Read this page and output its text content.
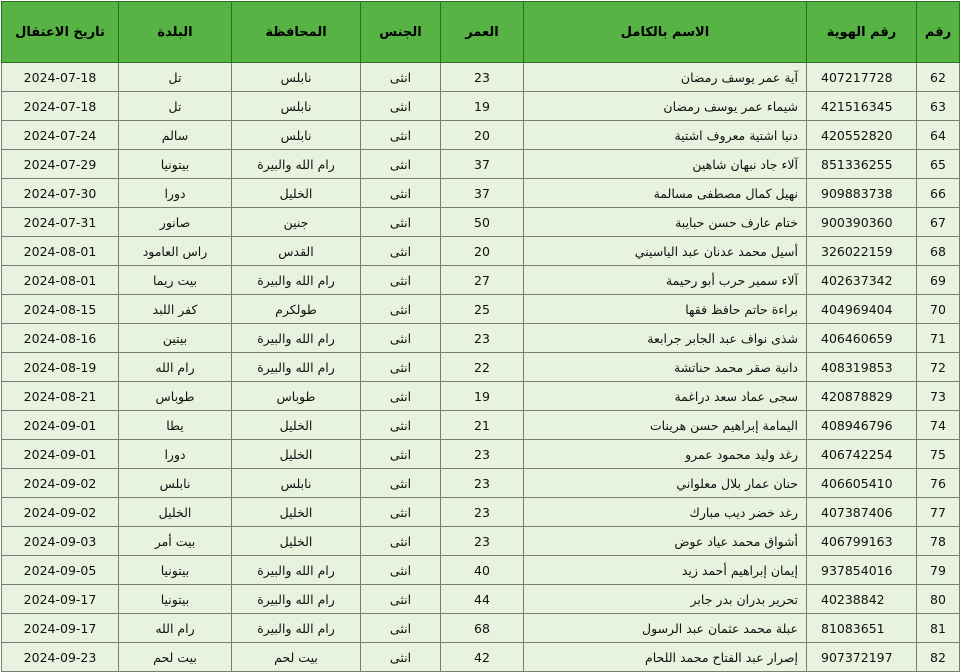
رقم	رقم الهوية	الاسم بالكامل	العمر	الجنس	المحافظة	البلدة	تاريخ الاعتقال
62	407217728	آية عمر يوسف رمضان	23	انثى	نابلس	تل	2024-07-18
63	421516345	شيماء عمر يوسف رمضان	19	انثى	نابلس	تل	2024-07-18
64	420552820	دنيا اشتية معروف اشتية	20	انثى	نابلس	سالم	2024-07-24
65	851336255	آلاء جاد نبهان شاهين	37	انثى	رام الله والبيرة	بيتونيا	2024-07-29
66	909883738	نهيل كمال مصطفى مسالمة	37	انثى	الخليل	دورا	2024-07-30
67	900390360	ختام عارف حسن حبايبة	50	انثى	جنين	صانور	2024-07-31
68	326022159	أسيل محمد عدنان عبد الياسيني	20	انثى	القدس	راس العامود	2024-08-01
69	402637342	آلاء سمير حرب أبو رحيمة	27	انثى	رام الله والبيرة	بيت ريما	2024-08-01
70	404969404	براءة حاتم حافظ فقها	25	انثى	طولكرم	كفر اللبد	2024-08-15
71	406460659	شذى نواف عبد الجابر جرابعة	23	انثى	رام الله والبيرة	بيتين	2024-08-16
72	408319853	دانية صقر محمد حناتشة	22	انثى	رام الله والبيرة	رام الله	2024-08-19
73	420878829	سجى عماد سعد دراغمة	19	انثى	طوباس	طوباس	2024-08-21
74	408946796	اليمامة إبراهيم حسن هرينات	21	انثى	الخليل	يطا	2024-09-01
75	406742254	رغد وليد محمود عمرو	23	انثى	الخليل	دورا	2024-09-01
76	406605410	حنان عمار بلال معلواني	23	انثى	نابلس	نابلس	2024-09-02
77	407387406	رغد خضر ديب مبارك	23	انثى	الخليل	الخليل	2024-09-02
78	406799163	أشواق محمد عياد عوض	23	انثى	الخليل	بيت أمر	2024-09-03
79	937854016	إيمان إبراهيم أحمد زيد	40	انثى	رام الله والبيرة	بيتونيا	2024-09-05
80	40238842	تحرير بدران بدر جابر	44	انثى	رام الله والبيرة	بيتونيا	2024-09-17
81	81083651	عبلة محمد عثمان عبد الرسول	68	انثى	رام الله والبيرة	رام الله	2024-09-17
82	907372197	إصرار عبد الفتاح محمد اللحام	42	انثى	بيت لحم	بيت لحم	2024-09-23
